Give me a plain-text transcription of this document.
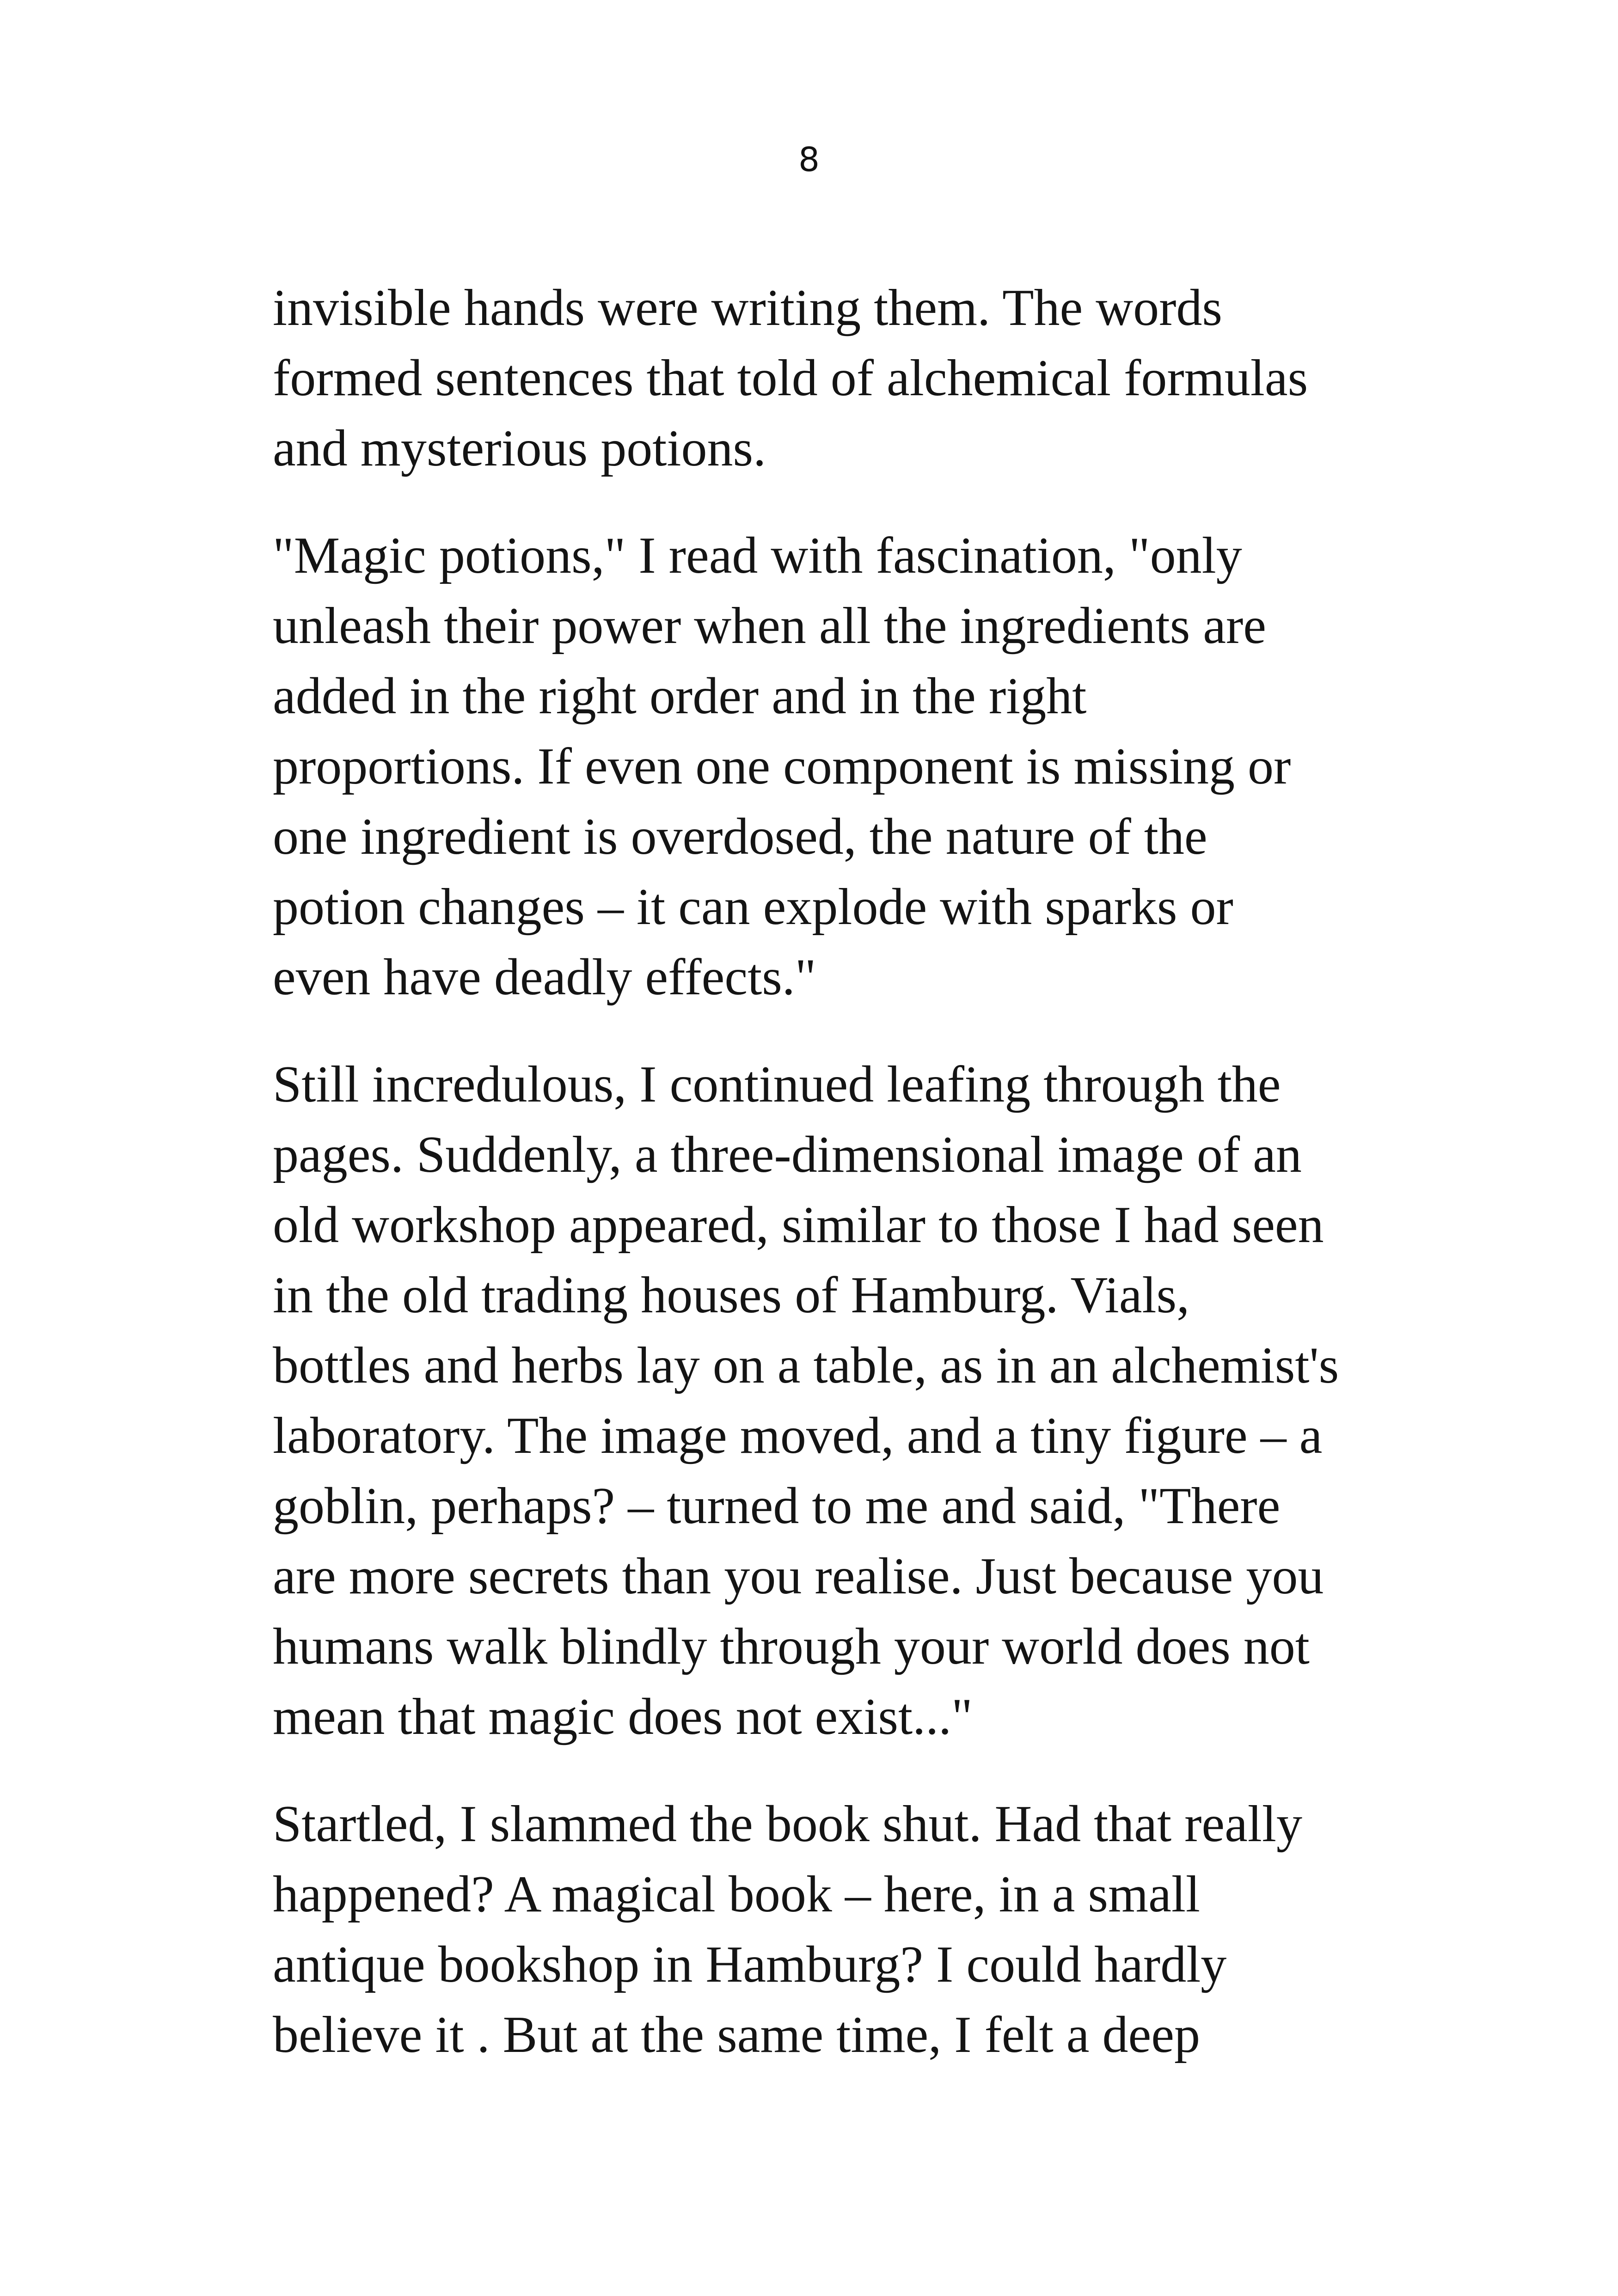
8

invisible hands were writing them. The words
formed sentences that told of alchemical formulas
and mysterious potions.

"Magic potions," I read with fascination, "only
unleash their power when all the ingredients are
added in the right order and in the right
proportions. If even one component is missing or
one ingredient is overdosed, the nature of the
potion changes – it can explode with sparks or
even have deadly effects."

Still incredulous, I continued leafing through the
pages. Suddenly, a three-dimensional image of an
old workshop appeared, similar to those I had seen
in the old trading houses of Hamburg. Vials,
bottles and herbs lay on a table, as in an alchemist's
laboratory. The image moved, and a tiny figure – a
goblin, perhaps? – turned to me and said, "There
are more secrets than you realise. Just because you
humans walk blindly through your world does not
mean that magic does not exist..."

Startled, I slammed the book shut. Had that really
happened? A magical book – here, in a small
antique bookshop in Hamburg? I could hardly
believe it . But at the same time, I felt a deep
